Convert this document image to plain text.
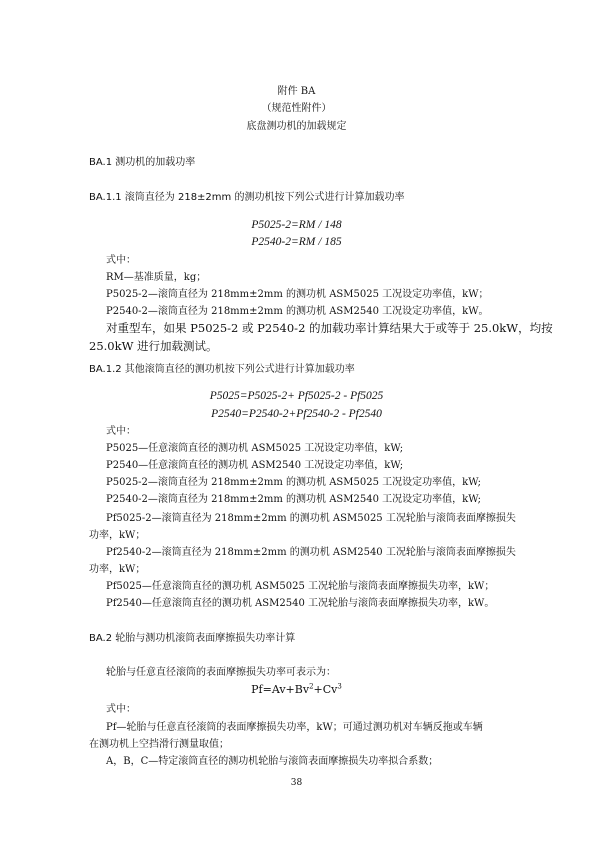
附件 BA
（规范性附件）
底盘测功机的加载规定
BA.1 测功机的加载功率
BA.1.1 滚筒直径为 218±2mm 的测功机按下列公式进行计算加载功率
P5025-2=RM / 148
P2540-2=RM / 185
式中：
RM—基准质量，kg；
P5025-2—滚筒直径为 218mm±2mm 的测功机 ASM5025 工况设定功率值，kW；
P2540-2—滚筒直径为 218mm±2mm 的测功机 ASM2540 工况设定功率值，kW。
对重型车，如果 P5025-2 或 P2540-2 的加载功率计算结果大于或等于 25.0kW，均按
25.0kW 进行加载测试。
BA.1.2 其他滚筒直径的测功机按下列公式进行计算加载功率
P5025=P5025-2+ Pf5025-2 - Pf5025
P2540=P2540-2+Pf2540-2 - Pf2540
式中：
P5025—任意滚筒直径的测功机 ASM5025 工况设定功率值，kW;
P2540—任意滚筒直径的测功机 ASM2540 工况设定功率值，kW;
P5025-2—滚筒直径为 218mm±2mm 的测功机 ASM5025 工况设定功率值，kW;
P2540-2—滚筒直径为 218mm±2mm 的测功机 ASM2540 工况设定功率值，kW;
Pf5025-2—滚筒直径为 218mm±2mm 的测功机 ASM5025 工况轮胎与滚筒表面摩擦损失
功率，kW；
Pf2540-2—滚筒直径为 218mm±2mm 的测功机 ASM2540 工况轮胎与滚筒表面摩擦损失
功率，kW；
Pf5025—任意滚筒直径的测功机 ASM5025 工况轮胎与滚筒表面摩擦损失功率，kW；
Pf2540—任意滚筒直径的测功机 ASM2540 工况轮胎与滚筒表面摩擦损失功率，kW。
BA.2 轮胎与测功机滚筒表面摩擦损失功率计算
轮胎与任意直径滚筒的表面摩擦损失功率可表示为：
$Pf=Av+Bv^2+Cv^3$
式中：
Pf—轮胎与任意直径滚筒的表面摩擦损失功率，kW；可通过测功机对车辆反拖或车辆
在测功机上空挡滑行测量取值；
A，B，C—特定滚筒直径的测功机轮胎与滚筒表面摩擦损失功率拟合系数；
38
